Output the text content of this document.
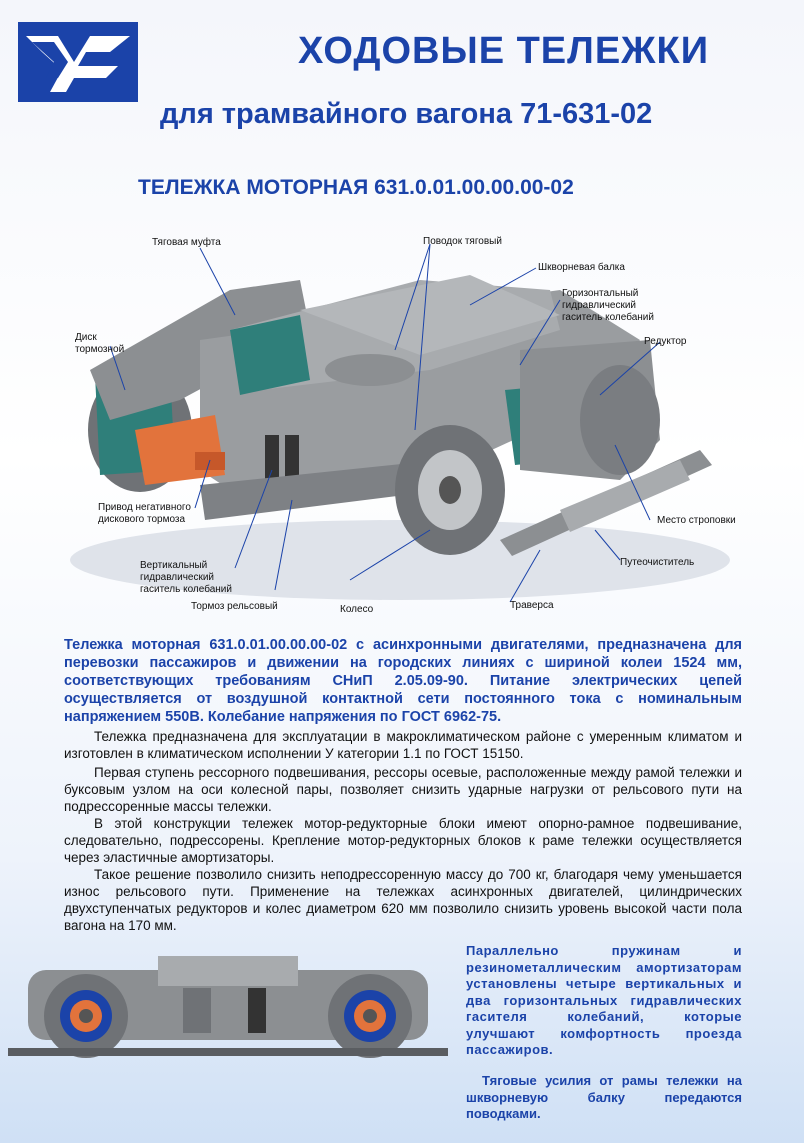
ХОДОВЫЕ ТЕЛЕЖКИ
для трамвайного вагона 71-631-02
ТЕЛЕЖКА МОТОРНАЯ 631.0.01.00.00.00-02
Тяговая муфта	Поводок тяговый
Шкворневая балка
Горизонтальный
гидравлический
гаситель колебаний
Редуктор
Диск
тормозной
Привод негативного
дискового тормоза	Место строповки
Путеочиститель
Вертикальный
гидравлический
гаситель колебаний
Тормоз рельсовый	Колесо	Траверса

Тележка моторная 631.0.01.00.00.00-02 с асинхронными двигателями, предназначена для перевозки пассажиров и движении на городских линиях с шириной колеи 1524 мм, соответствующих требованиям СНиП 2.05.09-90. Питание электрических цепей осуществляется от воздушной контактной сети постоянного тока с номинальным напряжением 550В. Колебание напряжения по ГОСТ 6962-75.

Тележка предназначена для эксплуатации в макроклиматическом районе с умеренным климатом и изготовлен в климатическом исполнении У категории 1.1 по ГОСТ 15150.

Первая ступень рессорного подвешивания, рессоры осевые, расположенные между рамой тележки и буксовым узлом на оси колесной пары, позволяет снизить ударные нагрузки от рельсового пути на подрессоренные массы тележки.

В этой конструкции тележек мотор-редукторные блоки имеют опорно-рамное подвешивание, следовательно, подрессорены. Крепление мотор-редукторных блоков к раме тележки осуществляется через эластичные амортизаторы.

Такое решение позволило снизить неподрессоренную массу до 700 кг, благодаря чему уменьшается износ рельсового пути. Применение на тележках асинхронных двигателей, цилиндрических двухступенчатых редукторов и колес диаметром 620 мм позволило снизить уровень высокой части пола вагона на 170 мм.

Параллельно пружинам и резинометаллическим амортизаторам установлены четыре вертикальных и два горизонтальных гидравлических гасителя колебаний, которые улучшают комфортность проезда пассажиров.

Тяговые усилия от рамы тележки на шкворневую балку передаются поводками.
